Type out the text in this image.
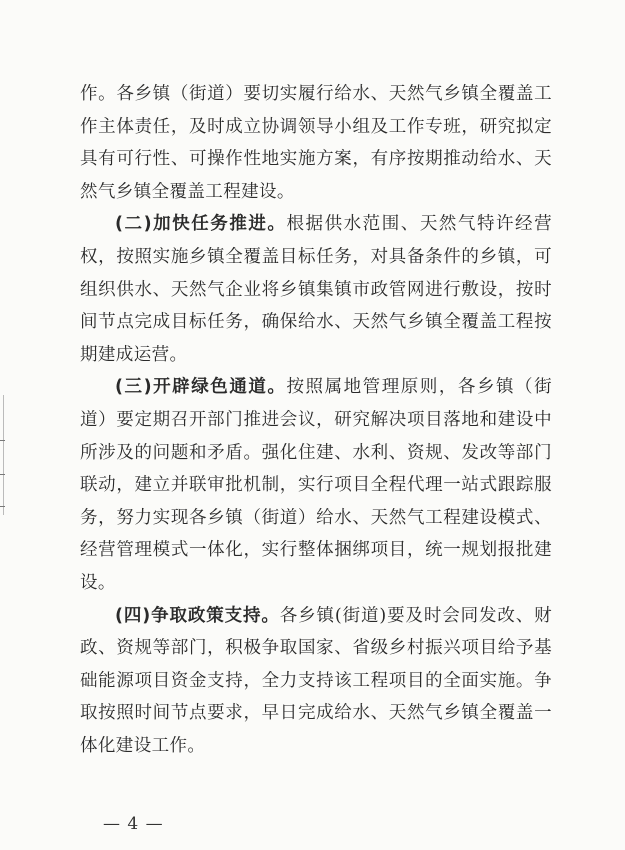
作。各乡镇（街道）要切实履行给水、天然气乡镇全覆盖工作主体责任，及时成立协调领导小组及工作专班，研究拟定具有可行性、可操作性地实施方案，有序按期推动给水、天然气乡镇全覆盖工程建设。

(二)加快任务推进。根据供水范围、天然气特许经营权，按照实施乡镇全覆盖目标任务，对具备条件的乡镇，可组织供水、天然气企业将乡镇集镇市政管网进行敷设，按时间节点完成目标任务，确保给水、天然气乡镇全覆盖工程按期建成运营。

(三)开辟绿色通道。按照属地管理原则，各乡镇（街道）要定期召开部门推进会议，研究解决项目落地和建设中所涉及的问题和矛盾。强化住建、水利、资规、发改等部门联动，建立并联审批机制，实行项目全程代理一站式跟踪服务，努力实现各乡镇（街道）给水、天然气工程建设模式、经营管理模式一体化，实行整体捆绑项目，统一规划报批建设。

(四)争取政策支持。各乡镇(街道)要及时会同发改、财政、资规等部门，积极争取国家、省级乡村振兴项目给予基础能源项目资金支持，全力支持该工程项目的全面实施。争取按照时间节点要求，早日完成给水、天然气乡镇全覆盖一体化建设工作。

— 4 —
